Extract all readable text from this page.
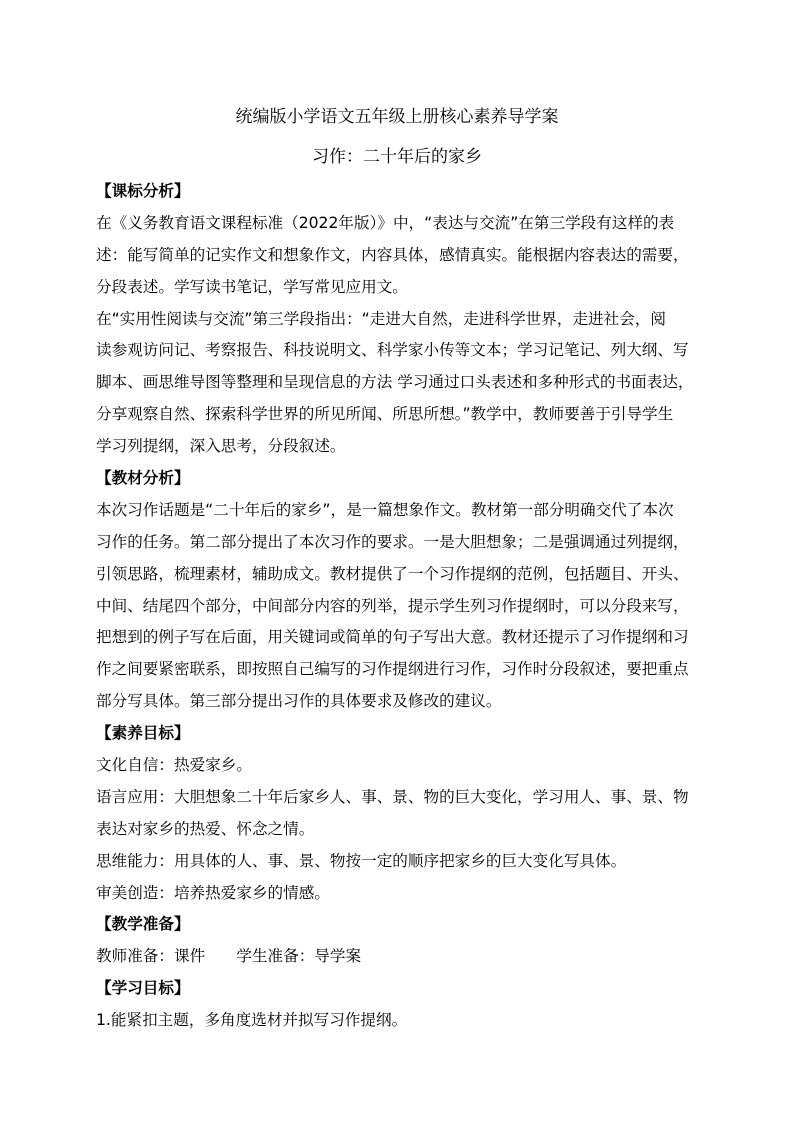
统编版小学语文五年级上册核心素养导学案
习作：二十年后的家乡
【课标分析】
在《义务教育语文课程标准（2022年版）》中，“表达与交流”在第三学段有这样的表
述：能写简单的记实作文和想象作文，内容具体，感情真实。能根据内容表达的需要，
分段表述。学写读书笔记，学写常见应用文。
在“实用性阅读与交流”第三学段指出：“走进大自然，走进科学世界，走进社会，阅
读参观访问记、考察报告、科技说明文、科学家小传等文本；学习记笔记、列大纲、写
脚本、画思维导图等整理和呈现信息的方法 学习通过口头表述和多种形式的书面表达，
分享观察自然、探索科学世界的所见所闻、所思所想。”教学中，教师要善于引导学生
学习列提纲，深入思考，分段叙述。
【教材分析】
本次习作话题是“二十年后的家乡”，是一篇想象作文。教材第一部分明确交代了本次
习作的任务。第二部分提出了本次习作的要求。一是大胆想象；二是强调通过列提纲，
引领思路，梳理素材，辅助成文。教材提供了一个习作提纲的范例，包括题目、开头、
中间、结尾四个部分，中间部分内容的列举，提示学生列习作提纲时，可以分段来写，
把想到的例子写在后面，用关键词或简单的句子写出大意。教材还提示了习作提纲和习
作之间要紧密联系，即按照自己编写的习作提纲进行习作，习作时分段叙述，要把重点
部分写具体。第三部分提出习作的具体要求及修改的建议。
【素养目标】
文化自信：热爱家乡。
语言应用：大胆想象二十年后家乡人、事、景、物的巨大变化，学习用人、事、景、物
表达对家乡的热爱、怀念之情。
思维能力：用具体的人、事、景、物按一定的顺序把家乡的巨大变化写具体。
审美创造：培养热爱家乡的情感。
【教学准备】
教师准备：课件　　学生准备：导学案
【学习目标】
1.能紧扣主题，多角度选材并拟写习作提纲。
